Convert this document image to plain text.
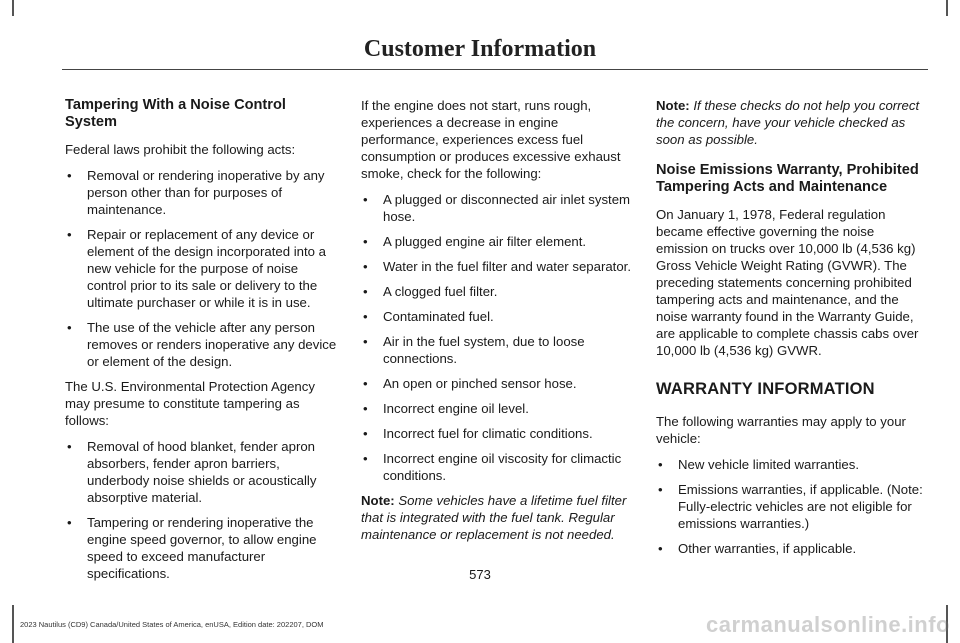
Customer Information
Tampering With a Noise Control System

Federal laws prohibit the following acts:

• Removal or rendering inoperative by any person other than for purposes of maintenance.
• Repair or replacement of any device or element of the design incorporated into a new vehicle for the purpose of noise control prior to its sale or delivery to the ultimate purchaser or while it is in use.
• The use of the vehicle after any person removes or renders inoperative any device or element of the design.

The U.S. Environmental Protection Agency may presume to constitute tampering as follows:

• Removal of hood blanket, fender apron absorbers, fender apron barriers, underbody noise shields or acoustically absorptive material.
• Tampering or rendering inoperative the engine speed governor, to allow engine speed to exceed manufacturer specifications.

If the engine does not start, runs rough, experiences a decrease in engine performance, experiences excess fuel consumption or produces excessive exhaust smoke, check for the following:

• A plugged or disconnected air inlet system hose.
• A plugged engine air filter element.
• Water in the fuel filter and water separator.
• A clogged fuel filter.
• Contaminated fuel.
• Air in the fuel system, due to loose connections.
• An open or pinched sensor hose.
• Incorrect engine oil level.
• Incorrect fuel for climatic conditions.
• Incorrect engine oil viscosity for climactic conditions.

Note: Some vehicles have a lifetime fuel filter that is integrated with the fuel tank. Regular maintenance or replacement is not needed.

Note: If these checks do not help you correct the concern, have your vehicle checked as soon as possible.

Noise Emissions Warranty, Prohibited Tampering Acts and Maintenance

On January 1, 1978, Federal regulation became effective governing the noise emission on trucks over 10,000 lb (4,536 kg) Gross Vehicle Weight Rating (GVWR). The preceding statements concerning prohibited tampering acts and maintenance, and the noise warranty found in the Warranty Guide, are applicable to complete chassis cabs over 10,000 lb (4,536 kg) GVWR.

WARRANTY INFORMATION

The following warranties may apply to your vehicle:

• New vehicle limited warranties.
• Emissions warranties, if applicable. (Note: Fully-electric vehicles are not eligible for emissions warranties.)
• Other warranties, if applicable.
573
2023 Nautilus (CD9) Canada/United States of America, enUSA, Edition date: 202207, DOM	carmanualsonline.info
